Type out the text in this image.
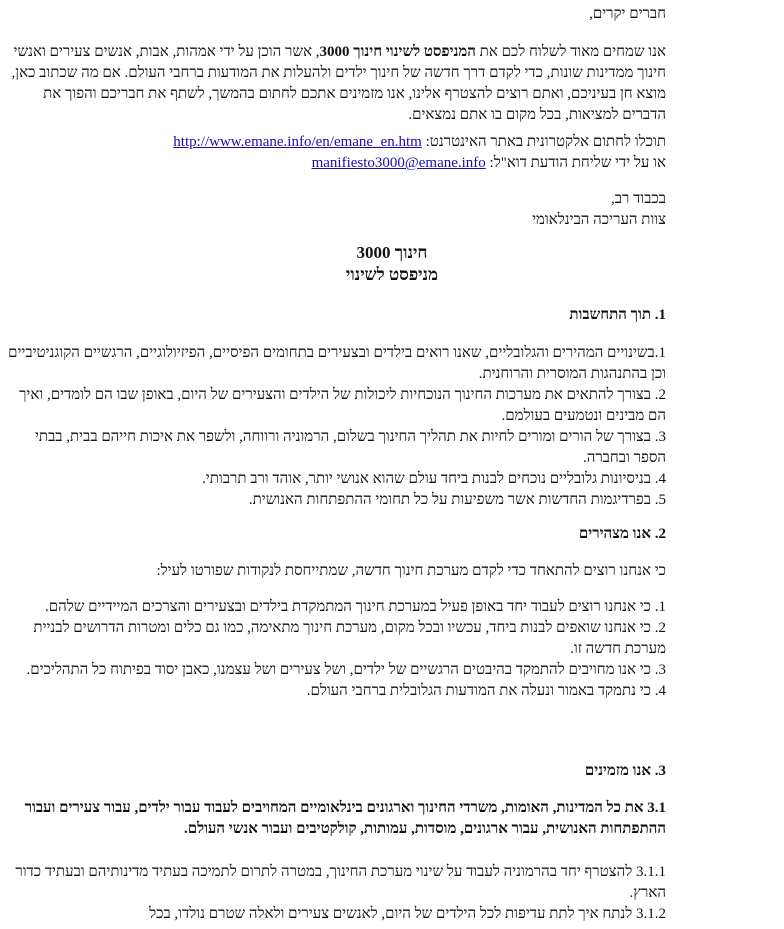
חברים יקרים,

אנו שמחים מאוד לשלוח לכם את המניפסט לשינוי חינוך 3000, אשר הוכן על ידי אמהות, אבות, אנשים צעירים ואנשי חינוך ממדינות שונות, כדי לקדם דרך חדשה של חינוך ילדים ולהעלות את המודעות ברחבי העולם. אם מה שכתוב כאן, מוצא חן בעיניכם, ואתם רוצים להצטרף אלינו, אנו מזמינים אתכם לחתום בהמשך, לשתף את חבריכם והפוך את הדברים למציאות, בכל מקום בו אתם נמצאים.

תוכלו לחתום אלקטרונית באתר האינטרנט: http://www.emane.info/en/emane_en.htm

או על ידי שליחת הודעת דוא"ל: manifiesto3000@emane.info

בכבוד רב,

צוות העריכה הבינלאומי

חינוך 3000
מניפסט לשינוי

1. תוך התחשבות

1.בשינויים המהירים והגלובליים, שאנו רואים בילדים ובצעירים בתחומים הפיסיים, הפיזיולוגיים, הרגשיים הקוגניטיביים וכן בהתנהגות המוסרית והרוחנית.

2. בצורך להתאים את מערכות החינוך הנוכחיות ליכולות של הילדים והצעירים של היום, באופן שבו הם לומדים, ואיך הם מבינים ונטמעים בעולמם.

3. בצורך של הורים ומורים לחיות את תהליך החינוך בשלום, הרמוניה ורווחה, ולשפר את איכות חייהם בבית, בבתי הספר ובחברה.

4. בניסיונות גלובליים נוכחים לבנות ביחד עולם שהוא אנושי יותר, אוהד ורב תרבותי.

5. בפרדיגמות החדשות אשר משפיעות על כל תחומי ההתפתחות האנושית.

2. אנו מצהירים

כי אנחנו רוצים להתאחד כדי לקדם מערכת חינוך חדשה, שמתייחסת לנקודות שפורטו לעיל:

1. כי אנחנו רוצים לעבוד יחד באופן פעיל במערכת חינוך המתמקדת בילדים ובצעירים והצרכים המיידיים שלהם.

2. כי אנחנו שואפים לבנות ביחד, עכשיו ובכל מקום, מערכת חינוך מתאימה, כמו גם כלים ומטרות הדרושים לבניית מערכת חדשה זו.

3. כי אנו מחויבים להתמקד בהיבטים הרגשיים של ילדים, ושל צעירים ושל עצמנו, כאבן יסוד בפיתוח כל התהליכים.

4. כי נתמקד באמור ונעלה את המודעות הגלובלית ברחבי העולם.

3. אנו מזמינים

3.1 את כל המדינות, האומות, משרדי החינוך וארגונים בינלאומיים המחויבים לעבוד עבור ילדים, עבור צעירים ועבור ההתפתחות האנושית, עבור ארגונים, מוסדות, עמותות, קולקטיבים ועבור אנשי העולם.

3.1.1 להצטרף יחד בהרמוניה לעבוד על שינוי מערכת החינוך, במטרה לתרום לתמיכה בעתיד מדינותיהם ובעתיד כדור הארץ.

3.1.2 לנתח איך לתת עדיפות לכל הילדים של היום, לאנשים צעירים ולאלה שטרם נולדו, בכל
